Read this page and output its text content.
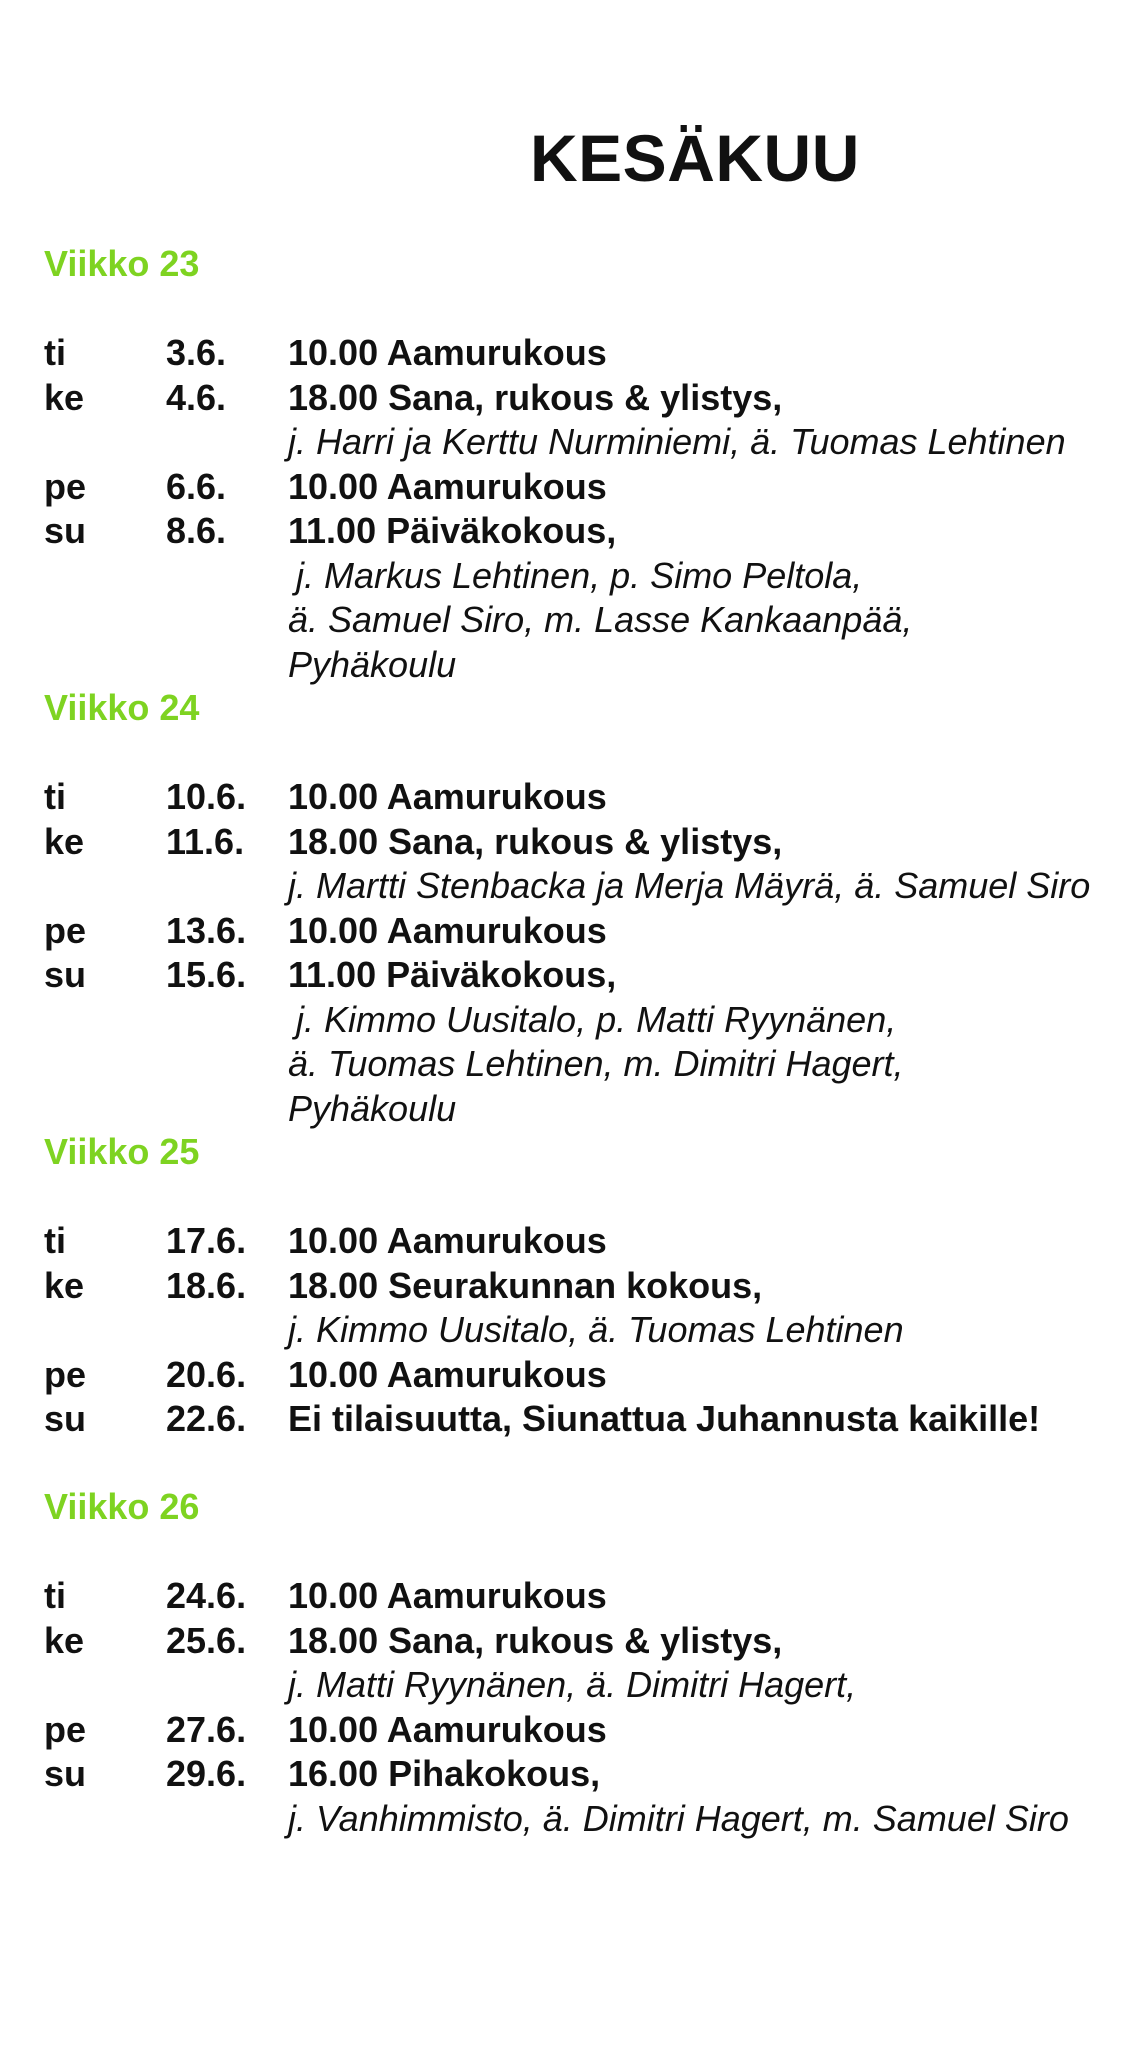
KESÄKUU
Viikko 23
ti	3.6. 10.00 Aamurukous
ke 4.6. 18.00 Sana, rukous & ylistys,
j. Harri ja Kerttu Nurminiemi, ä. Tuomas Lehtinen
pe 6.6. 10.00 Aamurukous
su 8.6. 11.00 Päiväkokous,
j. Markus Lehtinen, p. Simo Peltola,
ä. Samuel Siro, m. Lasse Kankaanpää,
Pyhäkoulu
Viikko 24
ti	10.6. 10.00 Aamurukous
ke 11.6. 18.00 Sana, rukous & ylistys,
j. Martti Stenbacka ja Merja Mäyrä, ä. Samuel Siro
pe 13.6. 10.00 Aamurukous
su 15.6. 11.00 Päiväkokous,
j. Kimmo Uusitalo, p. Matti Ryynänen,
ä. Tuomas Lehtinen, m. Dimitri Hagert,
Pyhäkoulu
Viikko 25
ti	17.6. 10.00 Aamurukous
ke 18.6. 18.00 Seurakunnan kokous,
j. Kimmo Uusitalo, ä. Tuomas Lehtinen
pe 20.6. 10.00 Aamurukous
su 22.6. Ei tilaisuutta, Siunattua Juhannusta kaikille!
Viikko 26
ti	24.6. 10.00 Aamurukous
ke 25.6. 18.00 Sana, rukous & ylistys,
j. Matti Ryynänen, ä. Dimitri Hagert,
pe 27.6. 10.00 Aamurukous
su 29.6. 16.00 Pihakokous,
j. Vanhimmisto, ä. Dimitri Hagert, m. Samuel Siro
